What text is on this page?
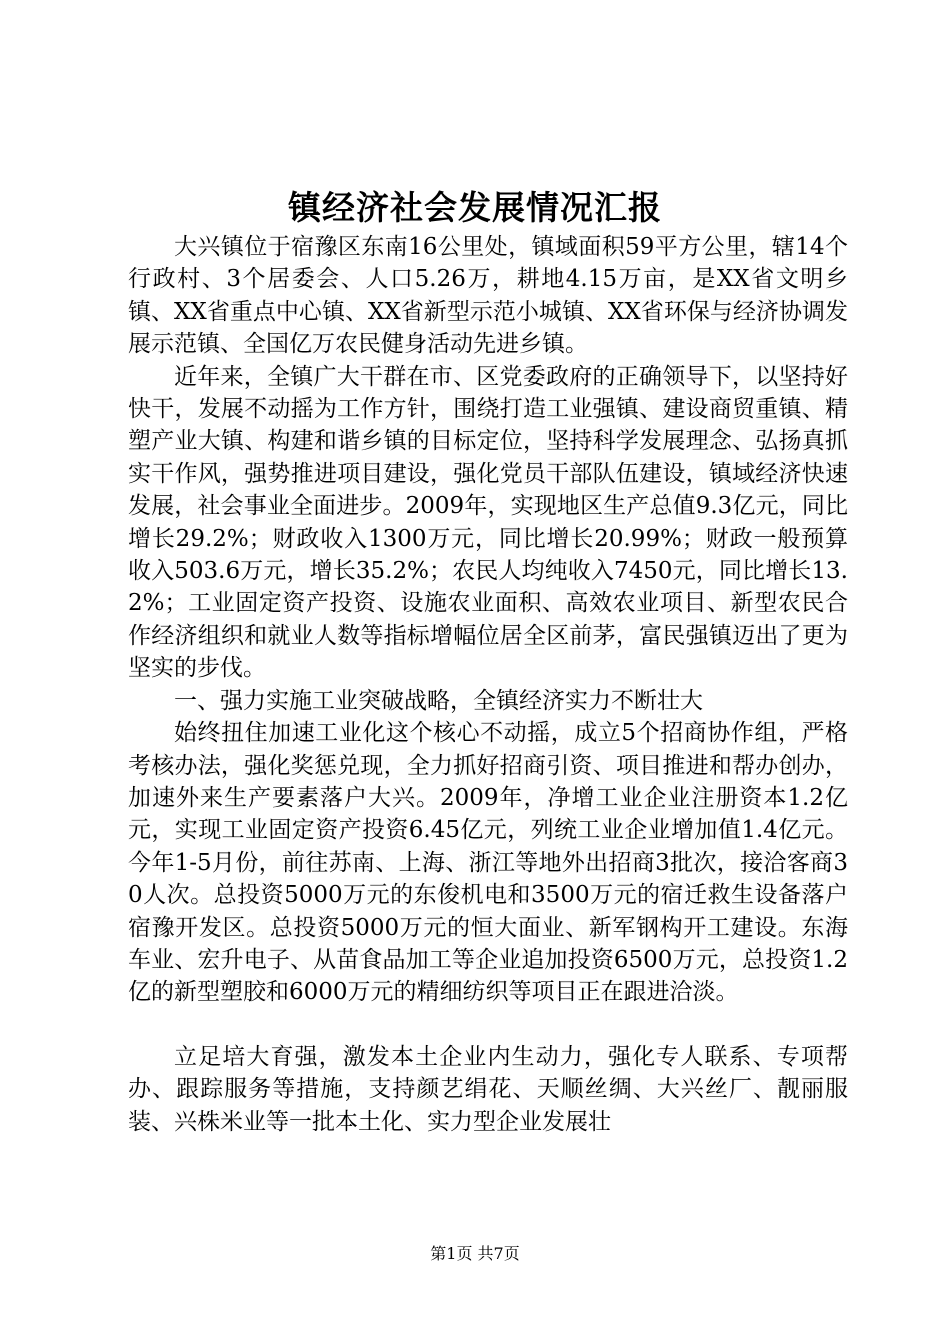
镇经济社会发展情况汇报

大兴镇位于宿豫区东南16公里处，镇域面积59平方公里，辖14个行政村、3个居委会、人口5.26万，耕地4.15万亩，是XX省文明乡镇、XX省重点中心镇、XX省新型示范小城镇、XX省环保与经济协调发展示范镇、全国亿万农民健身活动先进乡镇。

近年来，全镇广大干群在市、区党委政府的正确领导下，以坚持好快干，发展不动摇为工作方针，围绕打造工业强镇、建设商贸重镇、精塑产业大镇、构建和谐乡镇的目标定位，坚持科学发展理念、弘扬真抓实干作风，强势推进项目建设，强化党员干部队伍建设，镇域经济快速发展，社会事业全面进步。2009年，实现地区生产总值9.3亿元，同比增长29.2%；财政收入1300万元，同比增长20.99%；财政一般预算收入503.6万元，增长35.2%；农民人均纯收入7450元，同比增长13.2%；工业固定资产投资、设施农业面积、高效农业项目、新型农民合作经济组织和就业人数等指标增幅位居全区前茅，富民强镇迈出了更为坚实的步伐。

一、强力实施工业突破战略，全镇经济实力不断壮大

始终扭住加速工业化这个核心不动摇，成立5个招商协作组，严格考核办法，强化奖惩兑现，全力抓好招商引资、项目推进和帮办创办，加速外来生产要素落户大兴。2009年，净增工业企业注册资本1.2亿元，实现工业固定资产投资6.45亿元，列统工业企业增加值1.4亿元。今年1-5月份，前往苏南、上海、浙江等地外出招商3批次，接洽客商30人次。总投资5000万元的东俊机电和3500万元的宿迁救生设备落户宿豫开发区。总投资5000万元的恒大面业、新军钢构开工建设。东海车业、宏升电子、从苗食品加工等企业追加投资6500万元，总投资1.2亿的新型塑胶和6000万元的精细纺织等项目正在跟进洽淡。

立足培大育强，激发本土企业内生动力，强化专人联系、专项帮办、跟踪服务等措施，支持颜艺绢花、天顺丝绸、大兴丝厂、靓丽服装、兴株米业等一批本土化、实力型企业发展壮

第1页 共7页
